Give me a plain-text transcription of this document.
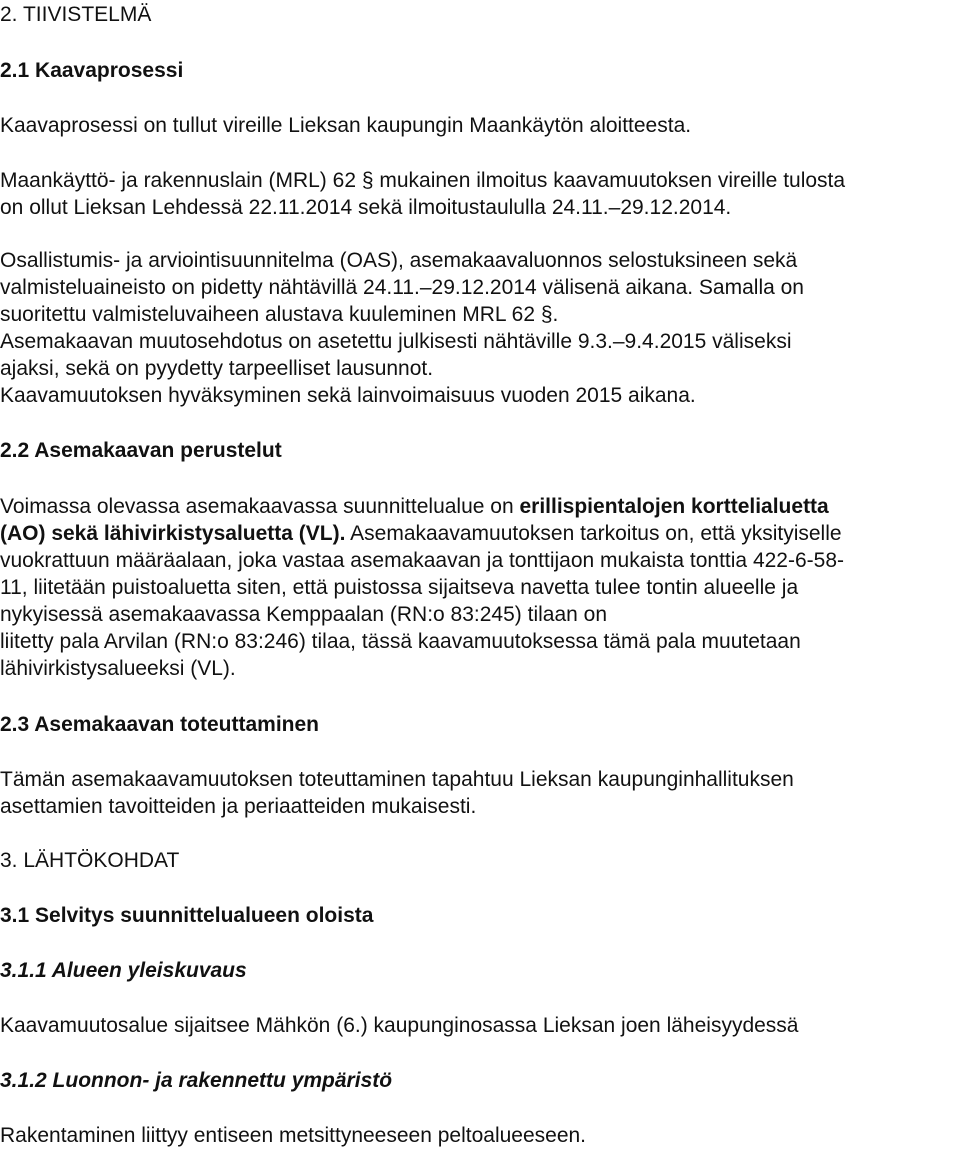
2. TIIVISTELMÄ
2.1 Kaavaprosessi
Kaavaprosessi on tullut vireille Lieksan kaupungin Maankäytön aloitteesta.
Maankäyttö- ja rakennuslain (MRL) 62 § mukainen ilmoitus kaavamuutoksen vireille tulosta
on ollut Lieksan Lehdessä 22.11.2014 sekä ilmoitustaululla 24.11.–29.12.2014.
Osallistumis- ja arviointisuunnitelma (OAS), asemakaavaluonnos selostuksineen sekä
valmisteluaineisto on pidetty nähtävillä 24.11.–29.12.2014 välisenä aikana. Samalla on
suoritettu valmisteluvaiheen alustava kuuleminen MRL 62 §.
Asemakaavan muutosehdotus on asetettu julkisesti nähtäville 9.3.–9.4.2015 väliseksi
ajaksi, sekä on pyydetty tarpeelliset lausunnot.
Kaavamuutoksen hyväksyminen sekä lainvoimaisuus vuoden 2015 aikana.
2.2 Asemakaavan perustelut
Voimassa olevassa asemakaavassa suunnittelualue on erillispientalojen korttelialuetta
(AO) sekä lähivirkistysaluetta (VL). Asemakaavamuutoksen tarkoitus on, että yksityiselle
vuokrattuun määräalaan, joka vastaa asemakaavan ja tonttijaon mukaista tonttia 422-6-58-
11, liitetään puistoaluetta siten, että puistossa sijaitseva navetta tulee tontin alueelle ja
nykyisessä asemakaavassa Kemppaalan (RN:o 83:245) tilaan on
liitetty pala Arvilan (RN:o 83:246) tilaa, tässä kaavamuutoksessa tämä pala muutetaan
lähivirkistysalueeksi (VL).
2.3 Asemakaavan toteuttaminen
Tämän asemakaavamuutoksen toteuttaminen tapahtuu Lieksan kaupunginhallituksen
asettamien tavoitteiden ja periaatteiden mukaisesti.
3. LÄHTÖKOHDAT
3.1 Selvitys suunnittelualueen oloista
3.1.1 Alueen yleiskuvaus
Kaavamuutosalue sijaitsee Mähkön (6.) kaupunginosassa Lieksan joen läheisyydessä
3.1.2 Luonnon- ja rakennettu ympäristö
Rakentaminen liittyy entiseen metsittyneeseen peltoalueeseen.
